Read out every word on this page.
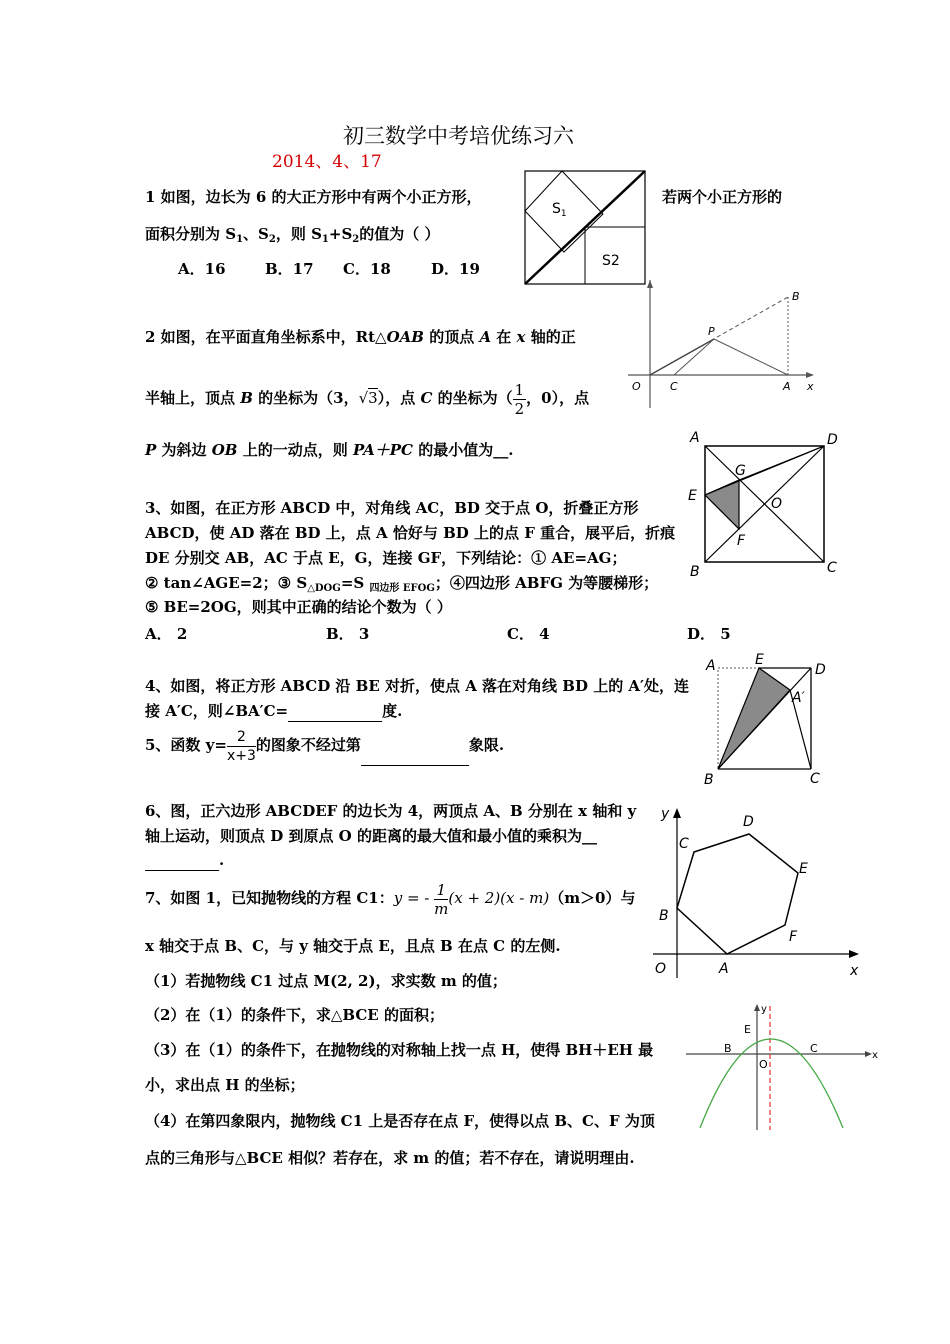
初三数学中考培优练习六
2014、4、17
1 如图，边长为 6 的大正方形中有两个小正方形，	若两个小正方形的
面积分别为 $S_1$、$S_2$，则 $S_1+S_2$的值为（ ）
A．16	B．17 C．18	D．19
$S_1$
S2
2 如图，在平面直角坐标系中，Rt△OAB 的顶点 A 在 x 轴的正
半轴上，顶点 B 的坐标为（3，√3），点 C 的坐标为（ $\frac{1}{2}$ ，0），点
P 为斜边 OB 上的一动点，则 PA＋PC 的最小值为__.
B
P
O	C	A x
3、如图，在正方形 ABCD 中，对角线 AC，BD 交于点 O，折叠正方形
ABCD，使 AD 落在 BD 上，点 A 恰好与 BD 上的点 F 重合，展平后，折痕
DE 分别交 AB，AC 于点 E，G，连接 GF，下列结论：① AE=AG；
② tan∠AGE=2；③ $S_{\triangle DOG}=S$ $_{四边形 EFOG}$；④四边形 ABFG 为等腰梯形；
⑤ BE=2OG，则其中正确的结论个数为（ ）
A． 2	B． 3	C． 4	D． 5
A	D
G
E	O
F
B	C
4、如图，将正方形 ABCD 沿 BE 对折，使点 A 落在对角线 BD 上的 A′处，连
接 A′C，则∠BA′C=	度.
A	E
D
A′
B	C
5、函数 $y= \frac{2}{x+3}$ 的图象不经过第	象限.
6、图，正六边形 ABCDEF 的边长为 4，两顶点 A、B 分别在 x 轴和 y
轴上运动，则顶点 D 到原点 O 的距离的最大值和最小值的乘积为__
.
y	D
C
E
B
F
O	A	x
7、如图 1，已知抛物线的方程 C1：y = - $\frac{1}{m} (x + 2)(x - m)(m>0)$与
x 轴交于点 B、C，与 y 轴交于点 E，且点 B 在点 C 的左侧.
（1）若抛物线 C1 过点 M(2, 2)，求实数 m 的值；
（2）在（1）的条件下，求△BCE 的面积；
（3）在（1）的条件下，在抛物线的对称轴上找一点 H，使得 BH＋EH 最
小，求出点 H 的坐标；
（4）在第四象限内，抛物线 C1 上是否存在点 F，使得以点 B、C、F 为顶
点的三角形与△BCE 相似？若存在，求 m 的值；若不存在，请说明理由.
y
E
B	C
O
x
